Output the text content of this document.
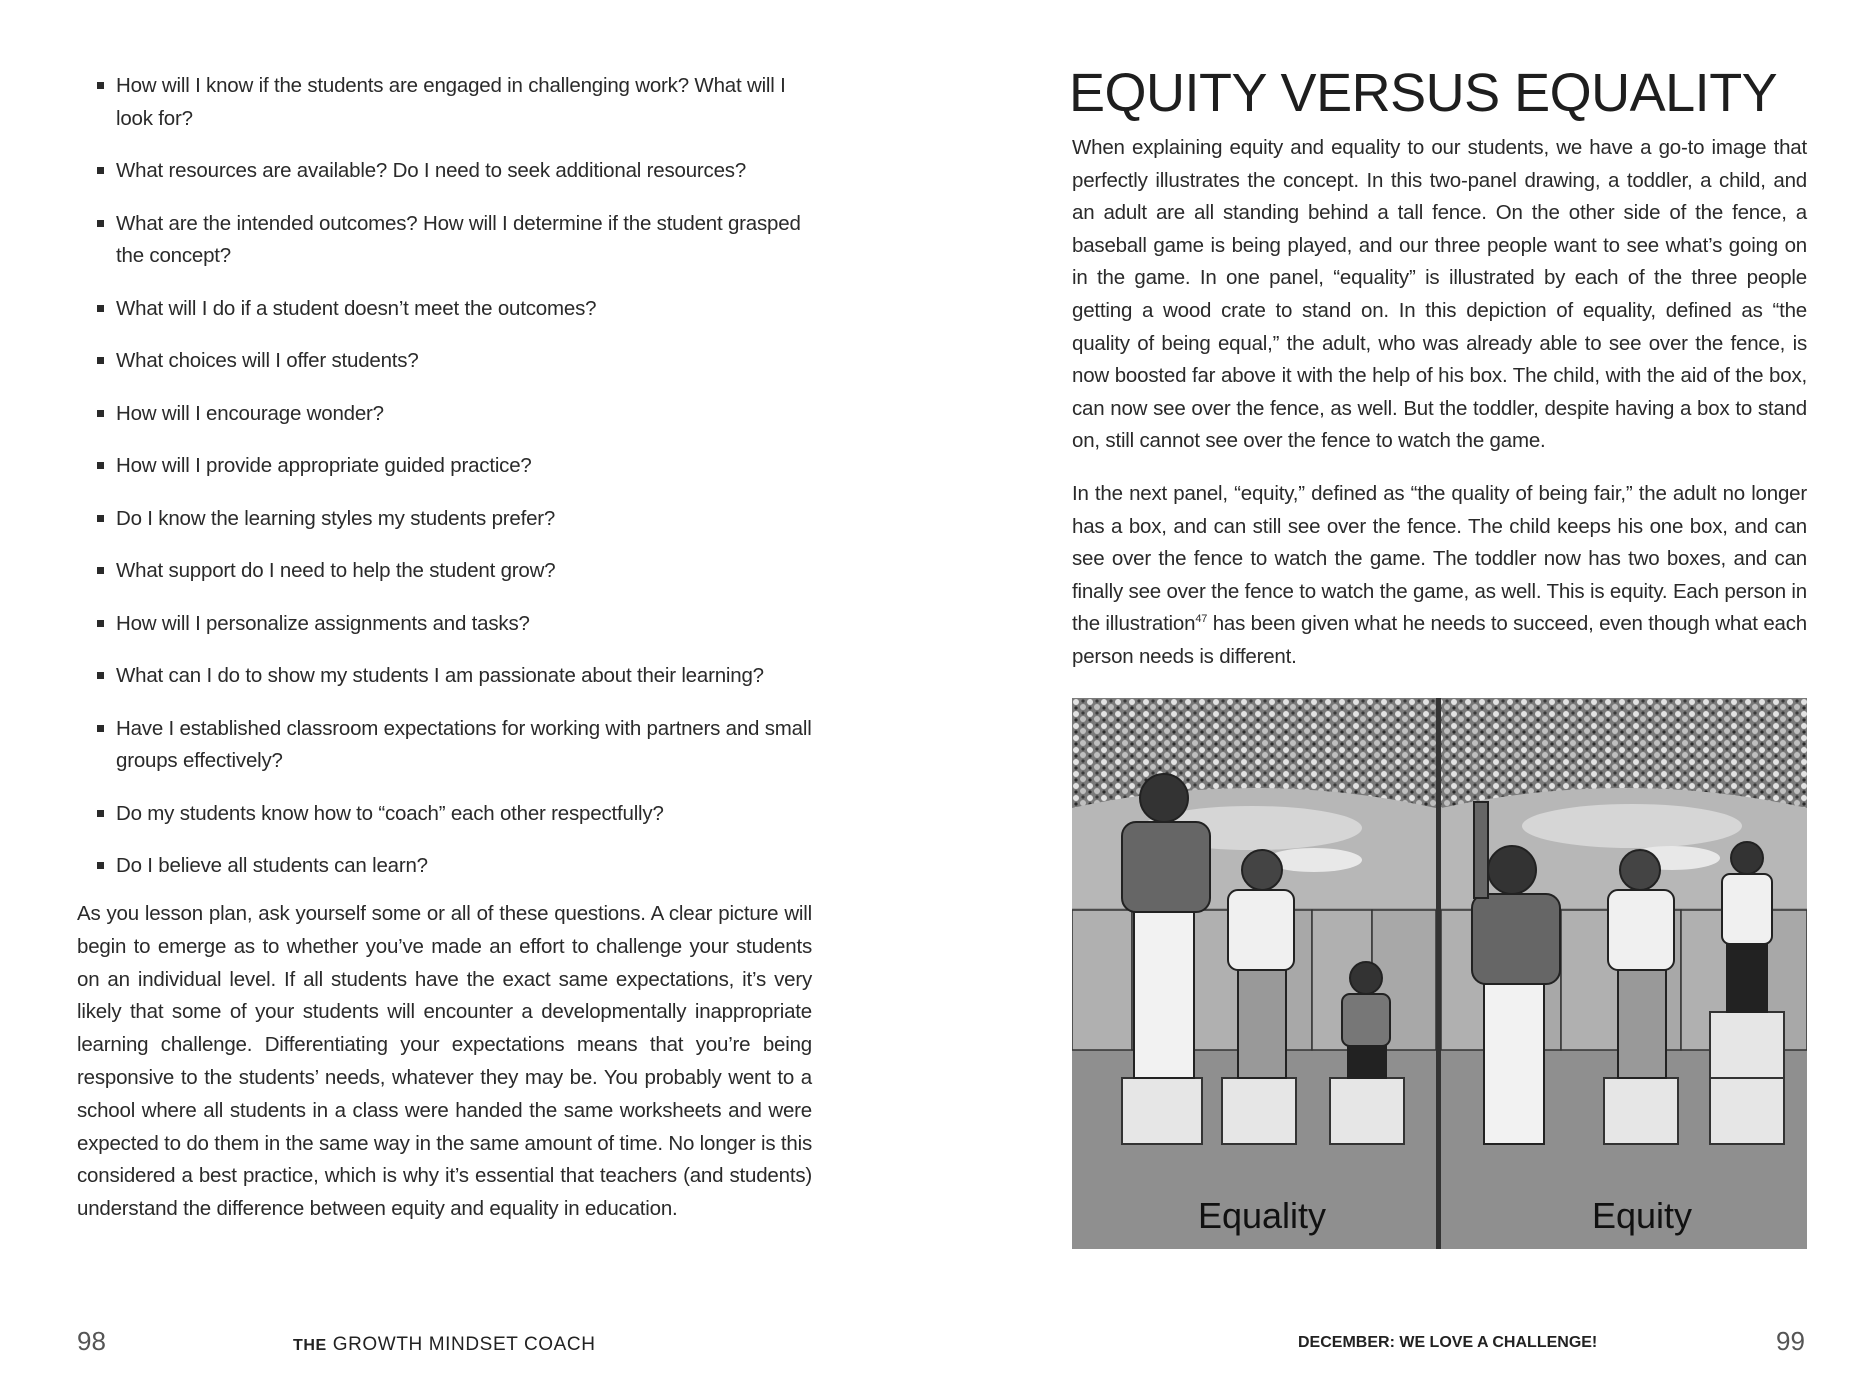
How will I know if the students are engaged in challenging work? What will I look for?
What resources are available? Do I need to seek additional resources?
What are the intended outcomes? How will I determine if the student grasped the concept?
What will I do if a student doesn’t meet the outcomes?
What choices will I offer students?
How will I encourage wonder?
How will I provide appropriate guided practice?
Do I know the learning styles my students prefer?
What support do I need to help the student grow?
How will I personalize assignments and tasks?
What can I do to show my students I am passionate about their learning?
Have I established classroom expectations for working with partners and small groups effectively?
Do my students know how to “coach” each other respectfully?
Do I believe all students can learn?

As you lesson plan, ask yourself some or all of these questions. A clear picture will begin to emerge as to whether you’ve made an effort to challenge your students on an individual level. If all students have the exact same expectations, it’s very likely that some of your students will encounter a developmentally inappropriate learning challenge. Differentiating your expectations means that you’re being responsive to the students’ needs, whatever they may be. You probably went to a school where all students in a class were handed the same worksheets and were expected to do them in the same way in the same amount of time. No longer is this considered a best practice, which is why it’s essential that teachers (and students) understand the difference between equity and equality in education.

98	THE GROWTH MINDSET COACH
EQUITY VERSUS EQUALITY

When explaining equity and equality to our students, we have a go-to image that perfectly illustrates the concept. In this two-panel drawing, a toddler, a child, and an adult are all standing behind a tall fence. On the other side of the fence, a baseball game is being played, and our three people want to see what’s going on in the game. In one panel, “equality” is illustrated by each of the three people getting a wood crate to stand on. In this depiction of equality, defined as “the quality of being equal,” the adult, who was already able to see over the fence, is now boosted far above it with the help of his box. The child, with the aid of the box, can now see over the fence, as well. But the toddler, despite having a box to stand on, still cannot see over the fence to watch the game.

In the next panel, “equity,” defined as “the quality of being fair,” the adult no longer has a box, and can still see over the fence. The child keeps his one box, and can see over the fence to watch the game. The toddler now has two boxes, and can finally see over the fence to watch the game, as well. This is equity. Each person in the illustration$^{47}$ has been given what he needs to succeed, even though what each person needs is different.

Equality	Equity
DECEMBER: WE LOVE A CHALLENGE!	99
